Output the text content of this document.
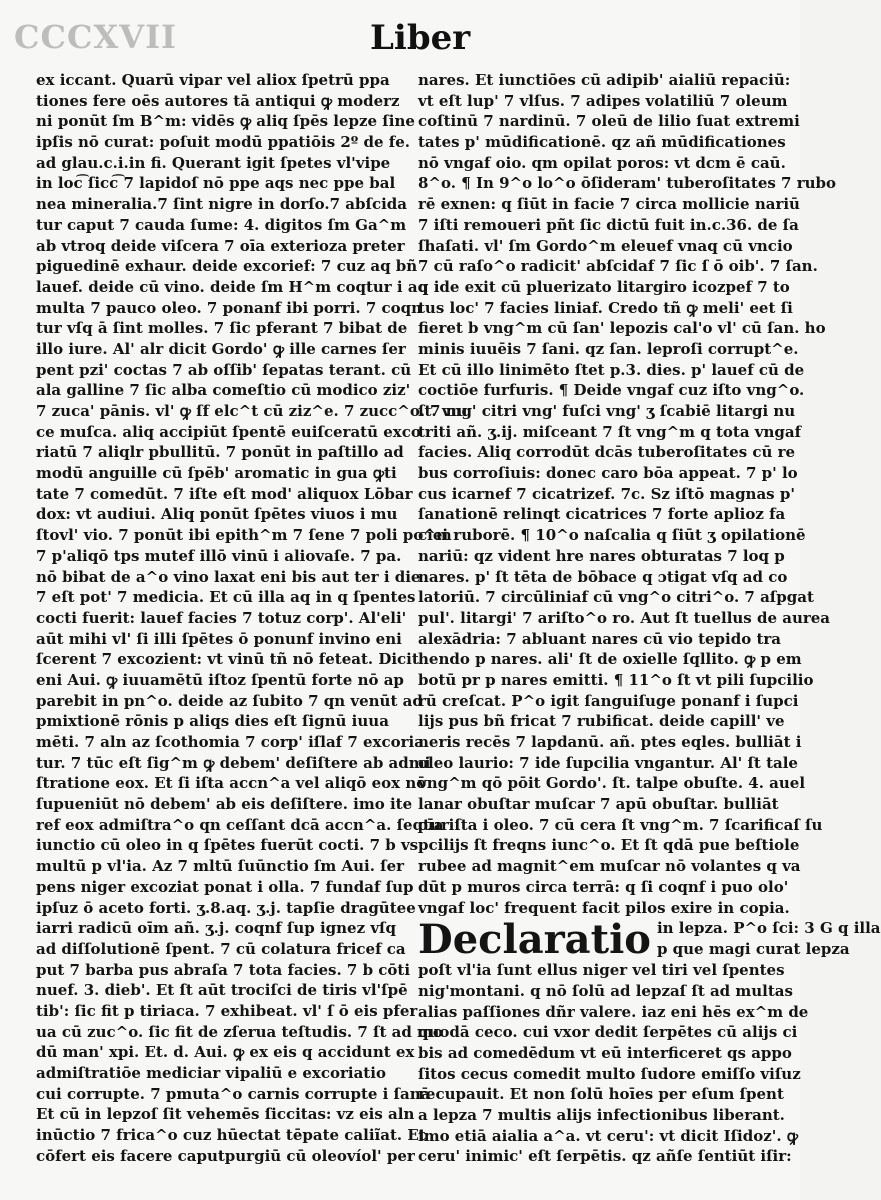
CCCXVII	Liber
ex iccant. Quarū vipar vel aliox ſpetrū ppa
tiones fere oēs autores tā antiqui ꝙ moderz
ni ponūt ſm B^m: vidēs ꝙ aliq ſpēs lepze ſine
ipſis nō curat: poſuit modū ppatiōis 2º de fe.
ad glau.c.i.in fi. Querant igit ſpetes vl'vipe
in loc͡ ſicc͡ 7 lapidoſ nō ppe aqs nec ppe bal
nea mineralia.7 ſint nigre in dorſo.7 abſcida
tur caput 7 cauda ſume: 4. digitos ſm Ga^m
ab vtroq deide viſcera 7 oīa exterioza preter
piguedinē exhaur. deide excorief: 7 cuz aq bñ
lauef. deide cū vino. deide ſm H^m coqtur i aq
multa 7 pauco oleo. 7 ponanf ibi porri. 7 coqn
tur vſq ā ſint molles. 7 ſic pferant 7 bibat de
illo iure. Al' alr dicit Gordo' ꝙ ille carnes ſer
pent pzi' coctas 7 ab oſſib' ſepatas terant. cū
ala galline 7 ſic alba comeſtio cū modico ziz'
7 zuca' pānis. vl' ꝙ ſf elc^t cū ziz^e. 7 zucc^o. 7 nu
ce muſca. aliq accipiūt ſpentē euiſceratū exco
riatū 7 aliqlr pbullitū. 7 ponūt in paſtillo ad
modū anguille cū ſpēb' aromatic in gua ꝙti
tate 7 comedūt. 7 iſte eſt mod' aliquox Lōbar
dox: vt audiui. Aliq ponūt ſpētes viuos i mu
ſtovl' vio. 7 ponūt ibi epith^m 7 ſene 7 poli po^m
7 p'aliqō tps mutef illō vinū i aliovaſe. 7 pa.
nō bibat de a^o vino laxat eni bis aut ter i die
7 eſt pot' 7 medicia. Et cū illa aq in q ſpentes
cocti fuerit: lauef facies 7 totuz corp'. Al'eli'
aūt mihi vl' ſi illi ſpētes ō ponunf invino eni
ſcerent 7 excozient: vt vinū tñ nō feteat. Dicit
eni Aui. ꝙ iuuamētū iſtoz ſpentū forte nō ap
parebit in pn^o. deide az ſubito 7 qn venūt ad
pmixtionē rōnis p aliqs dies eſt ſignū iuua
mēti. 7 aln az ſcothomia 7 corp' iſlaf 7 excoria
tur. 7 tūc eſt ſig^m ꝙ debem' deſiſtere ab admi
ſtratione eox. Et ſi iſta accn^a vel aliqō eox nō
ſupueniūt nō debem' ab eis deſiſtere. imo ite
ref eox admiſtra^o qn ceſſant dcā accn^a. ſeqtur
iunctio cū oleo in q ſpētes fuerūt cocti. 7 b vs
multū p vl'ia. Az 7 mltū ſuūnctio ſm Aui. ſer
pens niger excoziat ponat i olla. 7 fundaf ſup
ipſuz ō aceto forti. ʒ.8.aq. ʒ.j. tapſie dragūtee
iarri radicū oīm añ. ʒ.j. coqnf ſup ignez vſq
ad diſſolutionē ſpent. 7 cū colatura fricef ca
put 7 barba pus abraſa 7 tota facies. 7 b cōti
nuef. 3. dieb'. Et ſt aūt trociſci de tiris vl'ſpē
tib': ſic fit p tiriaca. 7 exhibeat. vl' ſ ō eis pfer
ua cū zuc^o. ſic fit de zſerua teſtudis. 7 ſt ad mo
dū man' xpi. Et. d. Aui. ꝙ ex eis q accidunt ex
admiſtratiōe mediciar vipaliū e excoriatio
cui corrupte. 7 pmuta^o carnis corrupte i ſanā
Et cū in lepzoſ ſit vehemēs ſiccitas: vz eis aln
inūctio 7 frica^o cuz hūectat tēpate caliĩat. Et
cōfert eis facere caputpurgiū cū oleovíol' per
nares. Et iunctiōes cū adipib' aialiū repaciū:
vt eſt lup' 7 vlſus. 7 adipes volatiliū 7 oleum
coſtinū 7 nardinū. 7 oleū de lilio ſuat extremi
tates p' mūdificationē. qz añ mūdificationes
nō vngaf oio. qm opilat poros: vt dcm ē caū.
8^o. ¶ In 9^o lo^o ōſideram' tuberoſitates 7 rubo
rē exnen: q ſiūt in facie 7 circa mollicie nariū
7 iſti remoueri pñt ſic dictū fuit in.c.36. de ſa
ſhaſati. vl' ſm Gordo^m eleuef vnaq cū vncio
7 cū raſo^o radicit' abſcidaf 7 ſic ſ ō oib'. 7 ſan.
q ide exit cū pluerizato litargiro icozpef 7 to
tus loc' 7 facies liniaf. Credo tñ ꝙ meli' eet ſi
fieret b vng^m cū ſan' lepozis cal'o vl' cū ſan. ho
minis iuuēis 7 ſani. qz ſan. leproſi corrupt^e.
Et cū illo linimēto ſtet p.3. dies. p' lauef cū de
coctiōe furfuris. ¶ Deide vngaf cuz iſto vng^o.
ſt. vng' citri vng' fuſci vng' ʒ ſcabiē litargi nu
triti añ. ʒ.ij. miſceant 7 ſt vng^m q tota vngaf
facies. Aliq corrodūt dcās tuberoſitates cū re
bus corroſiuis: donec caro bōa appeat. 7 p' lo
cus icarnef 7 cicatrizef. 7c. Sz iſtō magnas p'
ſanationē relinqt cicatrices 7 forte aplioz fa
ciei ruborē. ¶ 10^o naſcalia q ſiūt ʒ opilationē
nariū: qz vident hre nares obturatas 7 loq p
nares. p' ſt tēta de bōbace q ɔtigat vſq ad co
latoriū. 7 circūliniaf cū vng^o citri^o. 7 aſpgat
pul'. litargi' 7 ariſto^o ro. Aut ſt tuellus de aurea
alexādria: 7 abluant nares cū vio tepido tra
hendo p nares. ali' ſt de oxielle ſqllito. ꝙ p em
botū pr p nares emitti. ¶ 11^o ſt vt pili ſupcilio
rū creſcat. P^o igit ſanguiſuge ponanf i ſupci
lijs pus bñ fricat 7 rubificat. deide capill' ve
neris recēs 7 lapdanū. añ. ptes eqles. bulliāt i
oleo laurio: 7 ide ſupcilia vngantur. Al' ſt tale
vng^m qō pōit Gordo'. ſt. talpe obuſte. 4. auel
lanar obuſtar muſcar 7 apū obuſtar. bulliāt
oīa iſta i oleo. 7 cū cera ſt vng^m. 7 ſcarificaſ ſu
pcilijs ſt freqns iunc^o. Et ſt qdā pue beſtiole
rubee ad magnit^em muſcar nō volantes q va
dūt p muros circa terrā: q ſi coqnf i puo olo'
vngaf loc' frequent facit pilos exire in copia.
Declaratio in lepza. P^o ſci: 3 G q illa
p que magi curat lepza
poſt vl'ia ſunt ellus niger vel tiri vel ſpentes
nig'montani. q nō ſolū ad lepzaſ ſt ad multas
alias paſſiones dñr valere. iaz eni hēs ex^m de
quodā ceco. cui vxor dedit ſerpētes cū alijs ci
bis ad comedēdum vt eū interficeret qs appo
ſitos cecus comedit multo ſudore emiſſo viſuz
recupauit. Et non ſolū hoīes per eſum ſpent
a lepza 7 multis alijs infectionibus liberant.
imo etiā aialia a^a. vt ceru': vt dicit Iſidoz'. ꝙ
ceru' inimic' eſt ſerpētis. qz añſe ſentiūt iſir:
